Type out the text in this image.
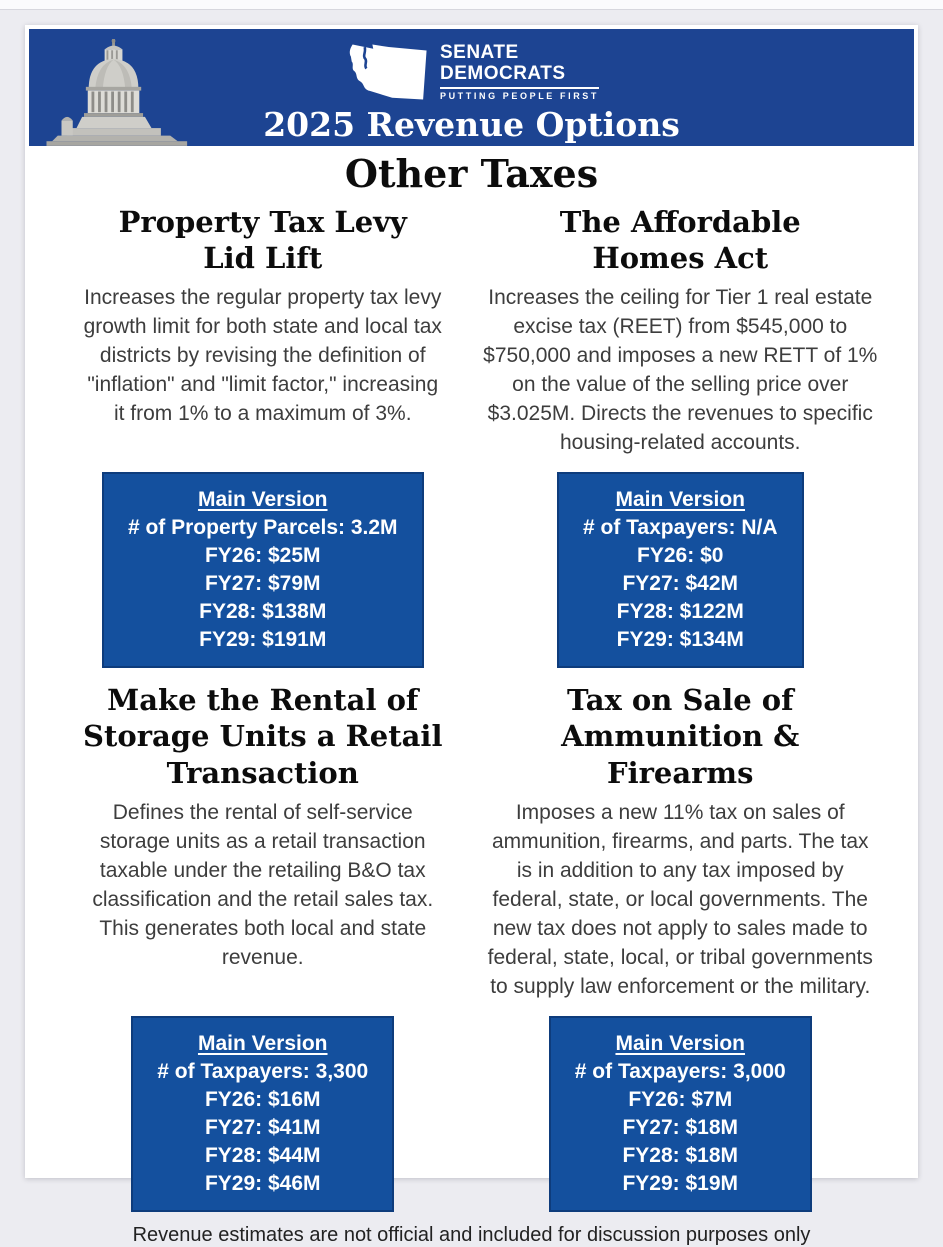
SENATE
DEMOCRATS
PUTTING PEOPLE FIRST
2025 Revenue Options
Other Taxes
Property Tax Levy Lid Lift

Increases the regular property tax levy growth limit for both state and local tax districts by revising the definition of "inflation" and "limit factor," increasing it from 1% to a maximum of 3%.

Main Version
# of Property Parcels: 3.2M
FY26: $25M
FY27: $79M
FY28: $138M
FY29: $191M
The Affordable Homes Act

Increases the ceiling for Tier 1 real estate excise tax (REET) from $545,000 to $750,000 and imposes a new RETT of 1% on the value of the selling price over $3.025M. Directs the revenues to specific housing-related accounts.

Main Version
# of Taxpayers: N/A
FY26: $0
FY27: $42M
FY28: $122M
FY29: $134M
Make the Rental of Storage Units a Retail Transaction

Defines the rental of self-service storage units as a retail transaction taxable under the retailing B&O tax classification and the retail sales tax. This generates both local and state revenue.

Main Version
# of Taxpayers: 3,300
FY26: $16M
FY27: $41M
FY28: $44M
FY29: $46M
Tax on Sale of Ammunition & Firearms

Imposes a new 11% tax on sales of ammunition, firearms, and parts. The tax is in addition to any tax imposed by federal, state, or local governments. The new tax does not apply to sales made to federal, state, local, or tribal governments to supply law enforcement or the military.

Main Version
# of Taxpayers: 3,000
FY26: $7M
FY27: $18M
FY28: $18M
FY29: $19M
Revenue estimates are not official and included for discussion purposes only
